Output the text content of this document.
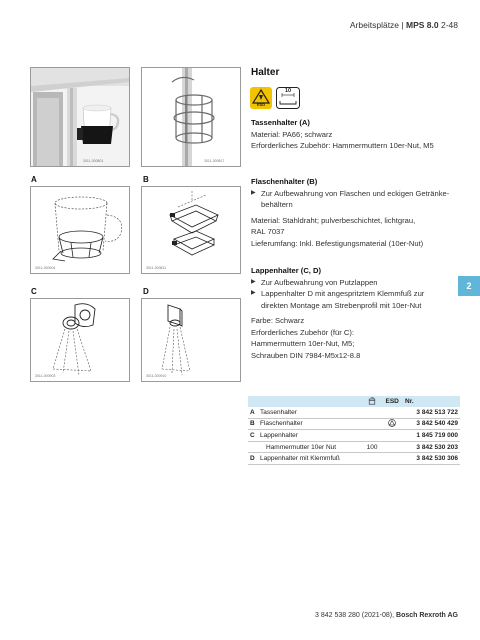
Arbeitsplätze | MPS 8.0 2-48
3011-000801	3011-000817
A
3011-000904
B
3011-000811
C
3011-000903
D
3011-000910
Halter
ESD
10
Tassenhalter (A)
Material: PA66; schwarz
Erforderliches Zubehör: Hammermuttern 10er-Nut, M5
Flaschenhalter (B)
▶ Zur Aufbewahrung von Flaschen und eckigen Getränke-
behältern
Material: Stahldraht; pulverbeschichtet, lichtgrau,
RAL 7037
Lieferumfang: Inkl. Befestigungsmaterial (10er-Nut)
Lappenhalter (C, D)
▶ Zur Aufbewahrung von Putzlappen
▶ Lappenhalter D mit angespritztem Klemmfuß zur
direkten Montage am Strebenprofil mit 10er-Nut
Farbe: Schwarz
Erforderliches Zubehör (für C):
Hammermuttern 10er-Nut, M5;
Schrauben DIN 7984-M5x12-8.8
2
		ESD	Nr.
A	Tassenhalter			3 842 513 722
B	Flaschenhalter			3 842 540 429
C	Lappenhalter			1 845 719 000
	Hammermutter 10er Nut	100		3 842 530 203
D	Lappenhalter mit Klemmfuß			3 842 530 306
3 842 538 280 (2021-08), Bosch Rexroth AG
